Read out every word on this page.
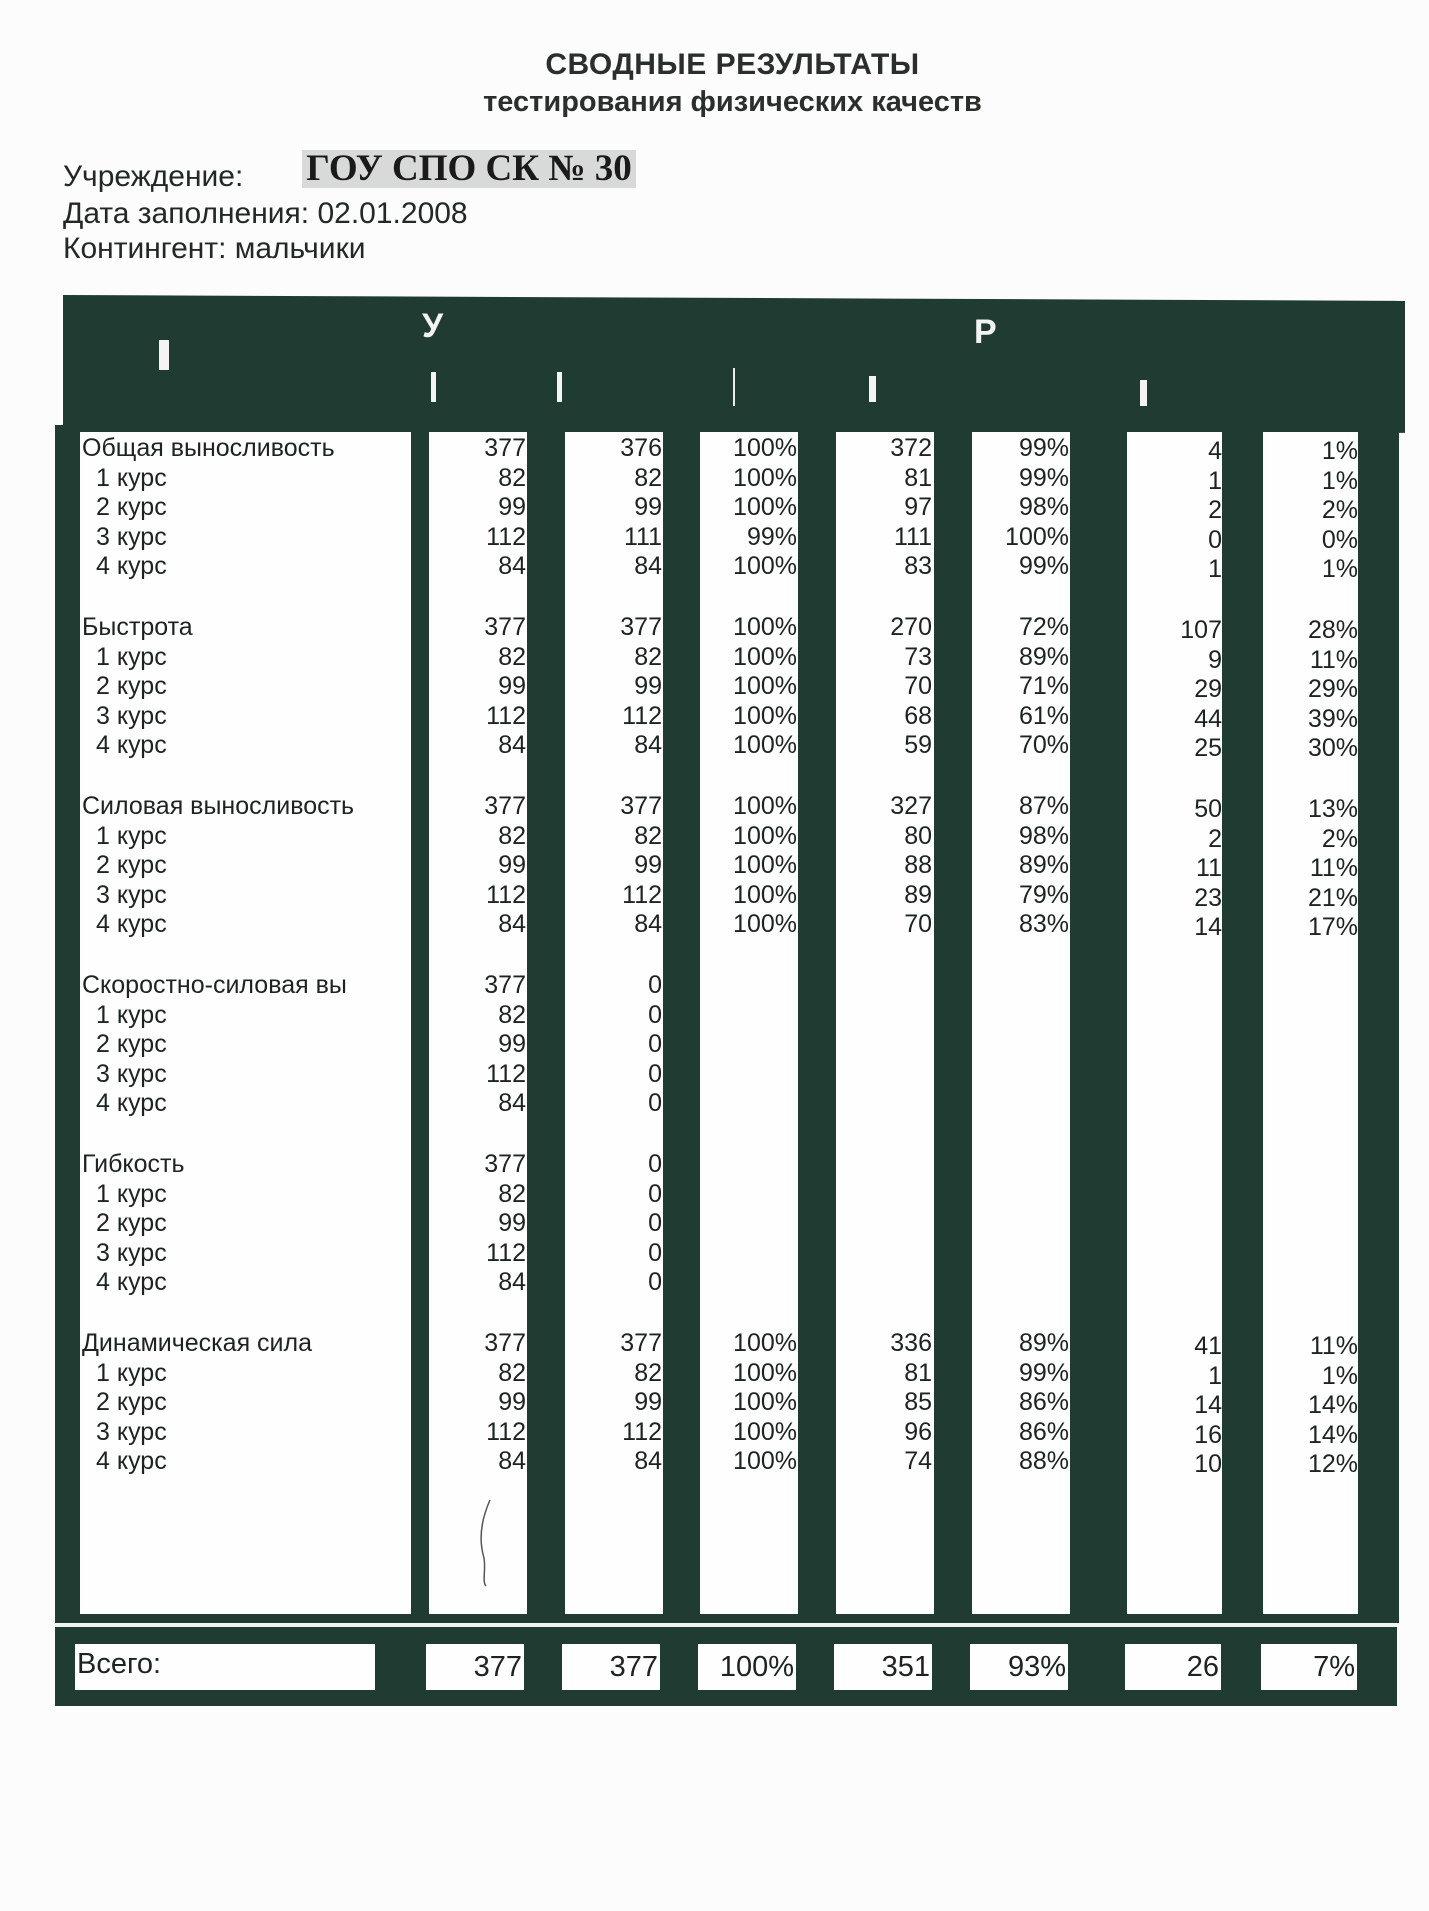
СВОДНЫЕ РЕЗУЛЬТАТЫ
тестирования физических качеств
Учреждение: ГОУ СПО СК № 30
Дата заполнения: 02.01.2008
Контингент: мальчики
У	Р
Общая выносливость	377	376	100%	372	99%	4	1%
1 курс	82	82	100%	81	99%	1	1%
2 курс	99	99	100%	97	98%	2	2%
3 курс	112	111	99%	111	100%	0	0%
4 курс	84	84	100%	83	99%	1	1%
Быстрота	377	377	100%	270	72%	107	28%
1 курс	82	82	100%	73	89%	9	11%
2 курс	99	99	100%	70	71%	29	29%
3 курс	112	112	100%	68	61%	44	39%
4 курс	84	84	100%	59	70%	25	30%
Силовая выносливость	377	377	100%	327	87%	50	13%
1 курс	82	82	100%	80	98%	2	2%
2 курс	99	99	100%	88	89%	11	11%
3 курс	112	112	100%	89	79%	23	21%
4 курс	84	84	100%	70	83%	14	17%
Скоростно-силовая вы	377	0
1 курс	82	0
2 курс	99	0
3 курс	112	0
4 курс	84	0
Гибкость	377	0
1 курс	82	0
2 курс	99	0
3 курс	112	0
4 курс	84	0
Динамическая сила	377	377	100%	336	89%	41	11%
1 курс	82	82	100%	81	99%	1	1%
2 курс	99	99	100%	85	86%	14	14%
3 курс	112	112	100%	96	86%	16	14%
4 курс	84	84	100%	74	88%	10	12%
Всего:	377	377	100%	351	93%	26	7%
